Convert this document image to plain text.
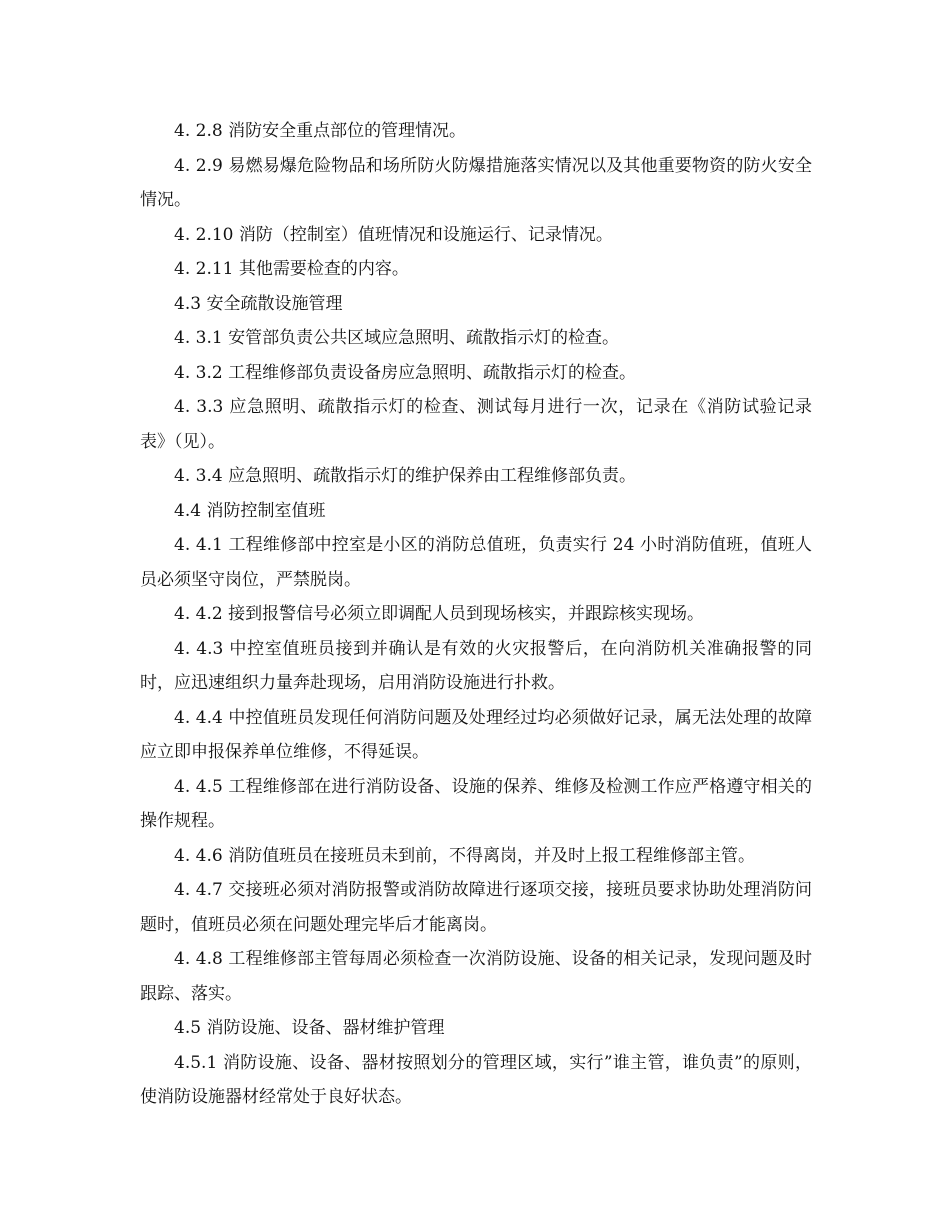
4. 2.8 消防安全重点部位的管理情况。

4. 2.9 易燃易爆危险物品和场所防火防爆措施落实情况以及其他重要物资的防火安全情况。

4. 2.10 消防（控制室）值班情况和设施运行、记录情况。

4. 2.11 其他需要检查的内容。

4.3 安全疏散设施管理

4. 3.1 安管部负责公共区域应急照明、疏散指示灯的检查。

4. 3.2 工程维修部负责设备房应急照明、疏散指示灯的检查。

4. 3.3 应急照明、疏散指示灯的检查、测试每月进行一次，记录在《消防试验记录表》（见）。

4. 3.4 应急照明、疏散指示灯的维护保养由工程维修部负责。

4.4 消防控制室值班

4. 4.1 工程维修部中控室是小区的消防总值班，负责实行 24 小时消防值班，值班人员必须坚守岗位，严禁脱岗。

4. 4.2 接到报警信号必须立即调配人员到现场核实，并跟踪核实现场。

4. 4.3 中控室值班员接到并确认是有效的火灾报警后，在向消防机关准确报警的同时，应迅速组织力量奔赴现场，启用消防设施进行扑救。

4. 4.4 中控值班员发现任何消防问题及处理经过均必须做好记录，属无法处理的故障应立即申报保养单位维修，不得延误。

4. 4.5 工程维修部在进行消防设备、设施的保养、维修及检测工作应严格遵守相关的操作规程。

4. 4.6 消防值班员在接班员未到前，不得离岗，并及时上报工程维修部主管。

4. 4.7 交接班必须对消防报警或消防故障进行逐项交接，接班员要求协助处理消防问题时，值班员必须在问题处理完毕后才能离岗。

4. 4.8 工程维修部主管每周必须检查一次消防设施、设备的相关记录，发现问题及时跟踪、落实。

4.5 消防设施、设备、器材维护管理

4.5.1 消防设施、设备、器材按照划分的管理区域，实行”谁主管，谁负责”的原则，使消防设施器材经常处于良好状态。
